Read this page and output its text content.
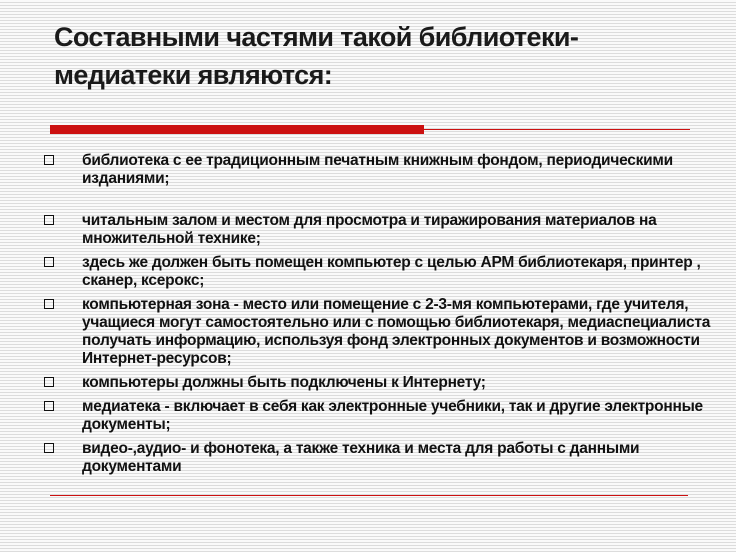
Составными частями такой библиотеки-медиатеки являются:
библиотека с ее традиционным печатным книжным фондом, периодическими изданиями;
читальным залом и местом для просмотра и тиражирования материалов на множительной технике;
здесь же должен быть помещен компьютер с целью АРМ библиотекаря, принтер , сканер, ксерокс;
компьютерная зона - место или помещение с 2-3-мя компьютерами, где учителя, учащиеся могут самостоятельно или с помощью библиотекаря, медиаспециалиста получать информацию, используя фонд электронных документов и возможности Интернет-ресурсов;
компьютеры должны быть подключены к Интернету;
медиатека - включает в себя как электронные учебники, так и другие электронные документы;
видео-,аудио- и фонотека, а также техника и места для работы с данными документами
